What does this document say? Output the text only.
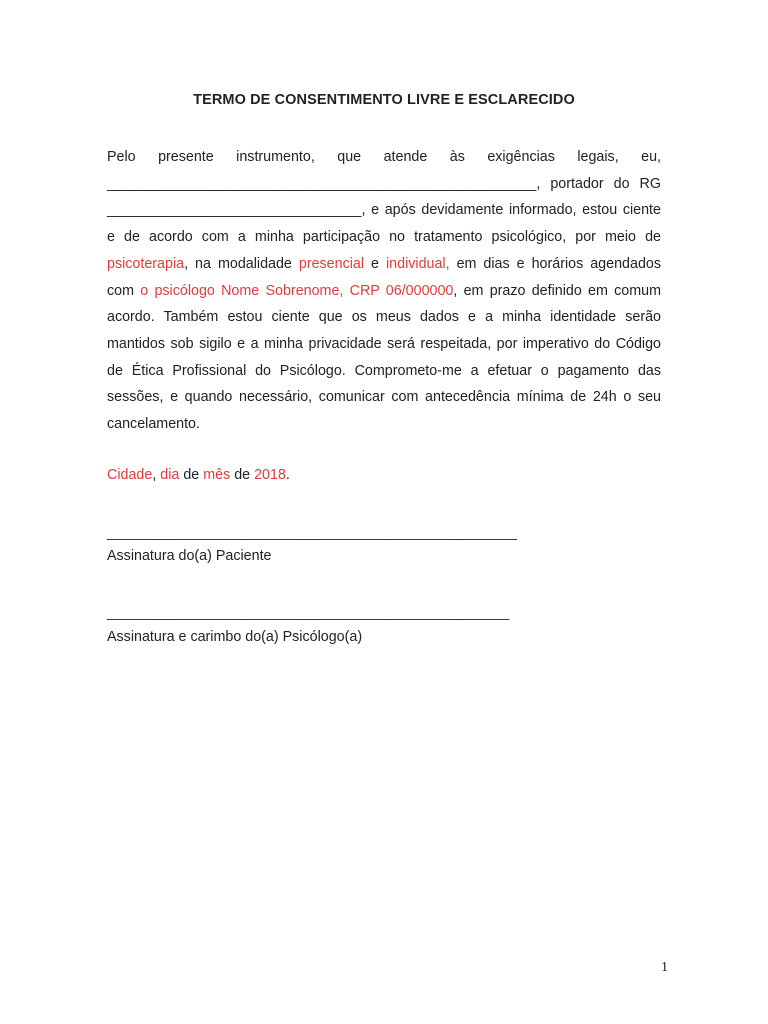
TERMO DE CONSENTIMENTO LIVRE E ESCLARECIDO

Pelo presente instrumento, que atende às exigências legais, eu, ______________________________________________________, portador do RG ________________________________, e após devidamente informado, estou ciente e de acordo com a minha participação no tratamento psicológico, por meio de psicoterapia, na modalidade presencial e individual, em dias e horários agendados com o psicólogo Nome Sobrenome, CRP 06/000000, em prazo definido em comum acordo. Também estou ciente que os meus dados e a minha identidade serão mantidos sob sigilo e a minha privacidade será respeitada, por imperativo do Código de Ética Profissional do Psicólogo. Comprometo-me a efetuar o pagamento das sessões, e quando necessário, comunicar com antecedência mínima de 24h o seu cancelamento.

Cidade, dia de mês de 2018.
______________________________________________________
Assinatura do(a) Paciente
_____________________________________________________
Assinatura e carimbo do(a) Psicólogo(a)
1
